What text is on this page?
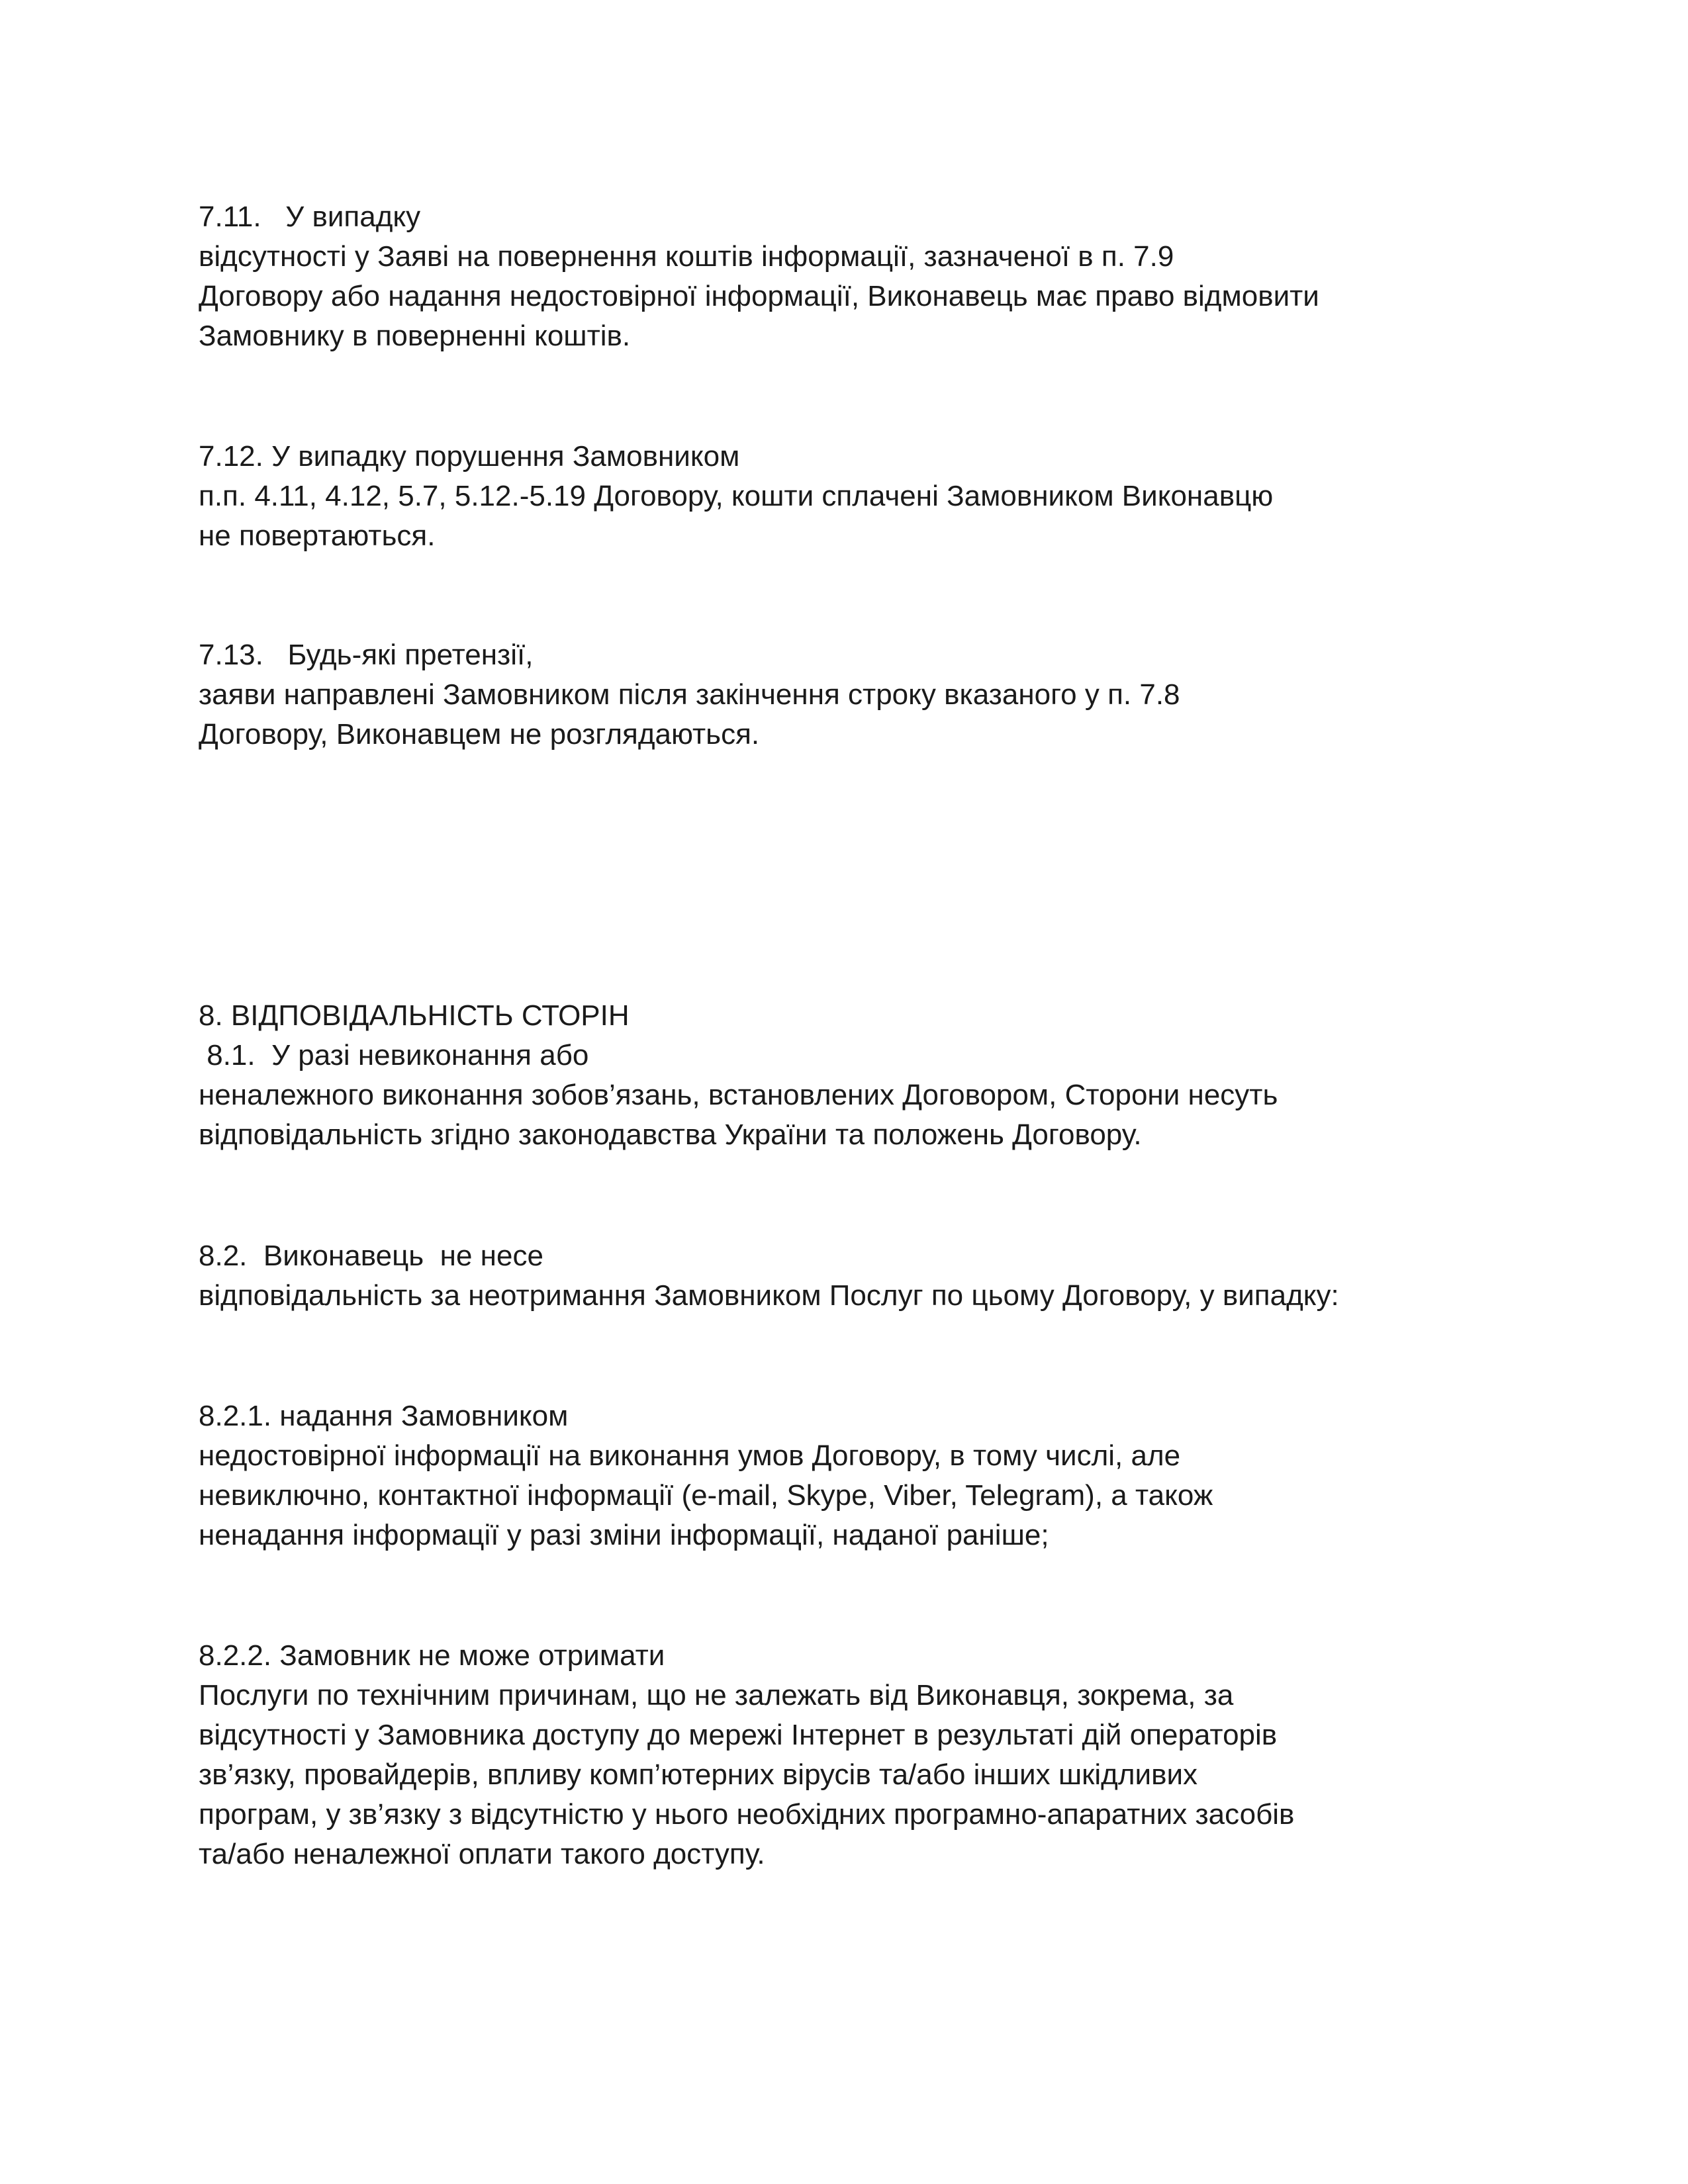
7.11.   У випадку

відсутності у Заяві на повернення коштів інформації, зазначеної в п. 7.9

Договору або надання недостовірної інформації, Виконавець має право відмовити

Замовнику в поверненні коштів.

7.12. У випадку порушення Замовником

п.п. 4.11, 4.12, 5.7, 5.12.-5.19 Договору, кошти сплачені Замовником Виконавцю

не повертаються.

7.13.   Будь-які претензії,

заяви направлені Замовником після закінчення строку вказаного у п. 7.8

Договору, Виконавцем не розглядаються.

8. ВІДПОВІДАЛЬНІСТЬ СТОРІН

8.1.  У разі невиконання або

неналежного виконання зобов’язань, встановлених Договором, Сторони несуть

відповідальність згідно законодавства України та положень Договору.

8.2.  Виконавець  не несе

відповідальність за неотримання Замовником Послуг по цьому Договору, у випадку:

8.2.1. надання Замовником

недостовірної інформації на виконання умов Договору, в тому числі, але

невиключно, контактної інформації (e-mail, Skype, Viber, Telegram), а також

ненадання інформації у разі зміни інформації, наданої раніше;

8.2.2. Замовник не може отримати

Послуги по технічним причинам, що не залежать від Виконавця, зокрема, за

відсутності у Замовника доступу до мережі Інтернет в результаті дій операторів

зв’язку, провайдерів, впливу комп’ютерних вірусів та/або інших шкідливих

програм, у зв’язку з відсутністю у нього необхідних програмно-апаратних засобів

та/або неналежної оплати такого доступу.
